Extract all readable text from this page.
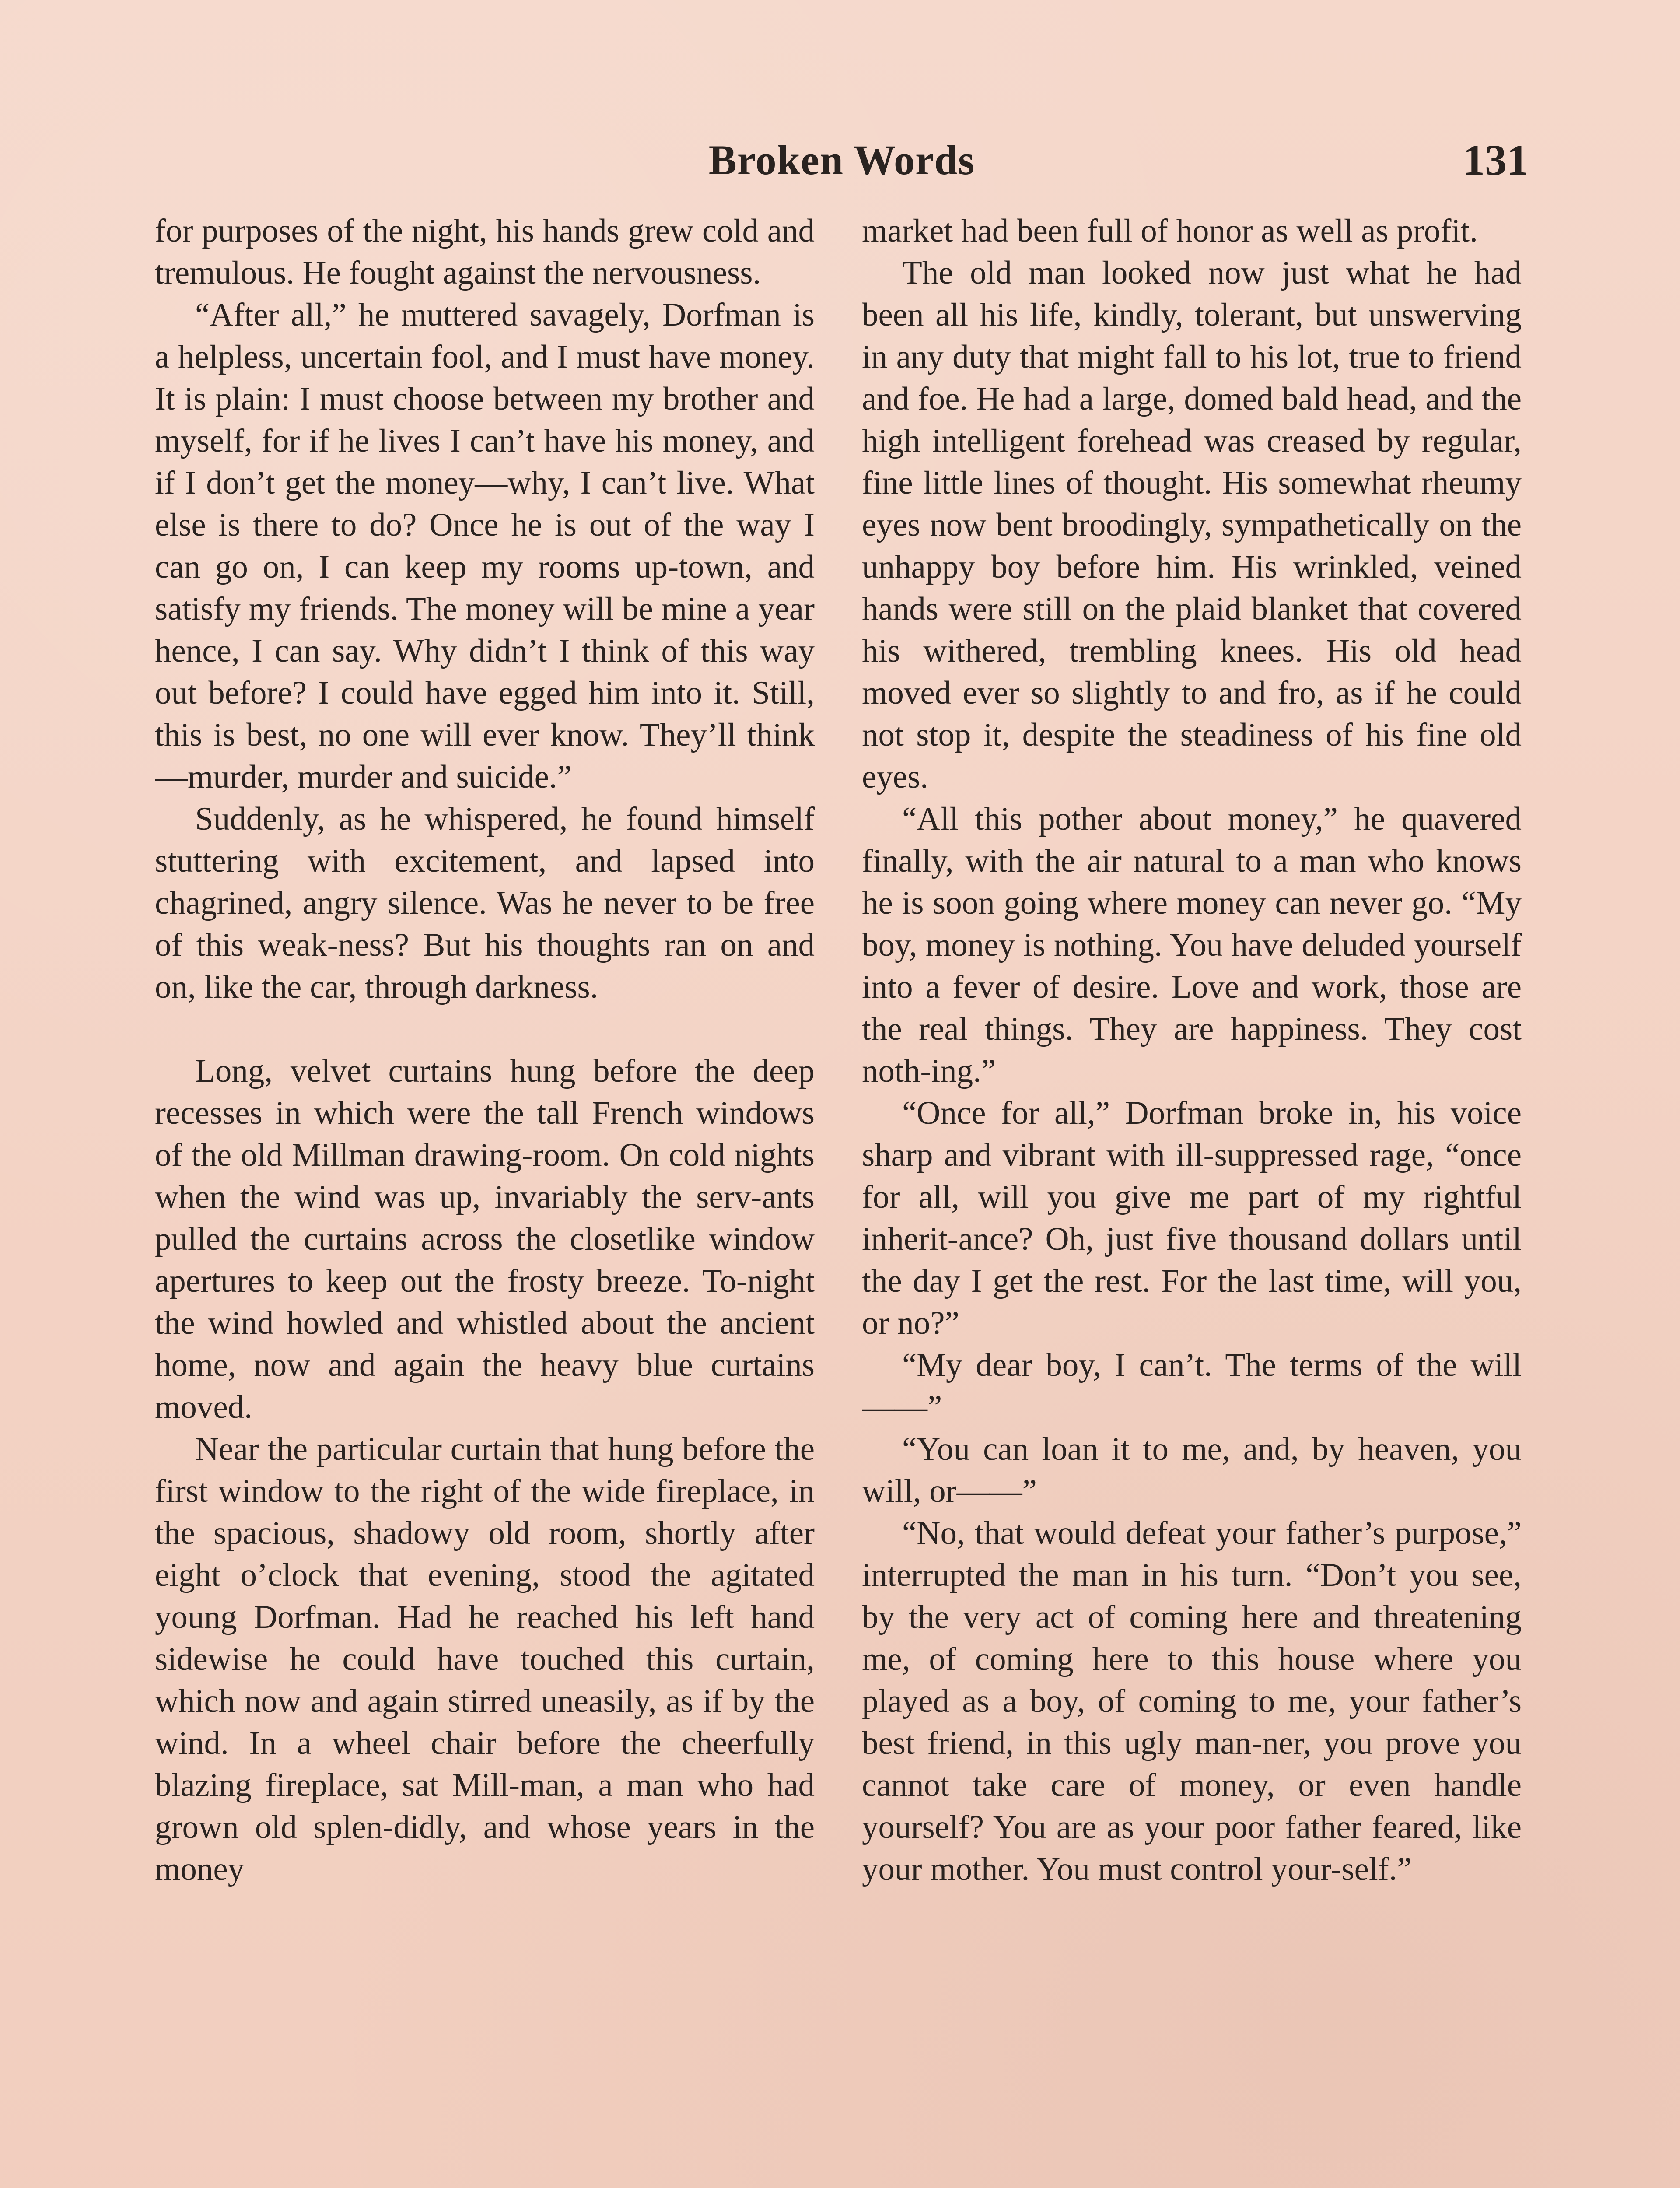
Broken Words	131

for purposes of the night, his hands grew cold and tremulous. He fought against the nervousness.

“After all,” he muttered savagely, Dorfman is a helpless, uncertain fool, and I must have money. It is plain: I must choose between my brother and myself, for if he lives I can’t have his money, and if I don’t get the money—why, I can’t live. What else is there to do? Once he is out of the way I can go on, I can keep my rooms up-town, and satisfy my friends. The money will be mine a year hence, I can say. Why didn’t I think of this way out before? I could have egged him into it. Still, this is best, no one will ever know. They’ll think—murder, murder and suicide.”

Suddenly, as he whispered, he found himself stuttering with excitement, and lapsed into chagrined, angry silence. Was he never to be free of this weak-ness? But his thoughts ran on and on, like the car, through darkness.

Long, velvet curtains hung before the deep recesses in which were the tall French windows of the old Millman drawing-room. On cold nights when the wind was up, invariably the serv-ants pulled the curtains across the closetlike window apertures to keep out the frosty breeze. To-night the wind howled and whistled about the ancient home, now and again the heavy blue curtains moved.

Near the particular curtain that hung before the first window to the right of the wide fireplace, in the spacious, shadowy old room, shortly after eight o’clock that evening, stood the agitated young Dorfman. Had he reached his left hand sidewise he could have touched this curtain, which now and again stirred uneasily, as if by the wind. In a wheel chair before the cheerfully blazing fireplace, sat Mill-man, a man who had grown old splen-didly, and whose years in the money

market had been full of honor as well as profit.

The old man looked now just what he had been all his life, kindly, tolerant, but unswerving in any duty that might fall to his lot, true to friend and foe. He had a large, domed bald head, and the high intelligent forehead was creased by regular, fine little lines of thought. His somewhat rheumy eyes now bent broodingly, sympathetically on the unhappy boy before him. His wrinkled, veined hands were still on the plaid blanket that covered his withered, trembling knees. His old head moved ever so slightly to and fro, as if he could not stop it, despite the steadiness of his fine old eyes.

“All this pother about money,” he quavered finally, with the air natural to a man who knows he is soon going where money can never go. “My boy, money is nothing. You have deluded yourself into a fever of desire. Love and work, those are the real things. They are happiness. They cost noth-ing.”

“Once for all,” Dorfman broke in, his voice sharp and vibrant with ill-suppressed rage, “once for all, will you give me part of my rightful inherit-ance? Oh, just five thousand dollars until the day I get the rest. For the last time, will you, or no?”

“My dear boy, I can’t. The terms of the will——”

“You can loan it to me, and, by heaven, you will, or——”

“No, that would defeat your father’s purpose,” interrupted the man in his turn. “Don’t you see, by the very act of coming here and threatening me, of coming here to this house where you played as a boy, of coming to me, your father’s best friend, in this ugly man-ner, you prove you cannot take care of money, or even handle yourself? You are as your poor father feared, like your mother. You must control your-self.”
